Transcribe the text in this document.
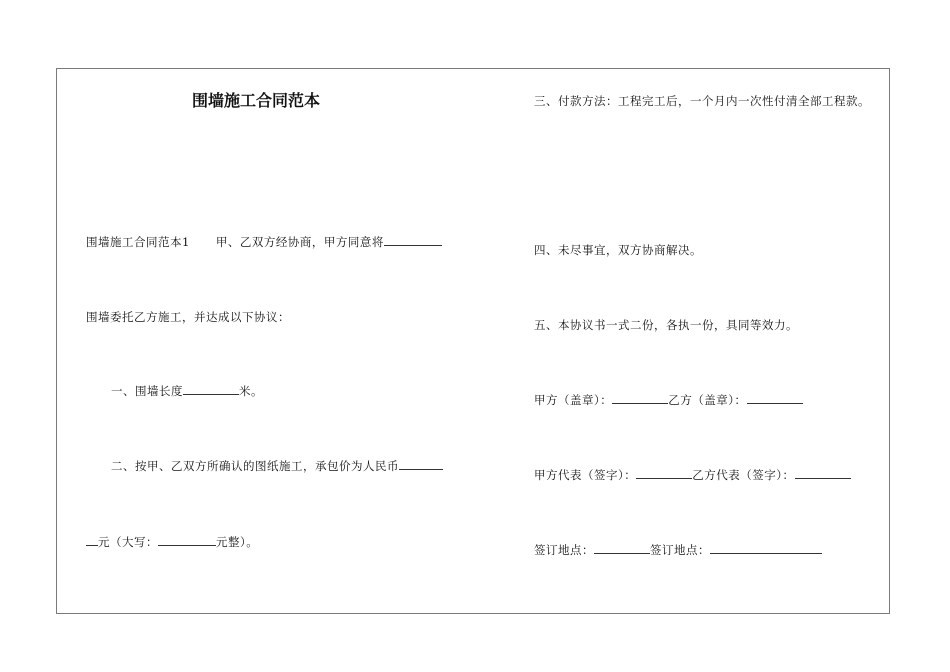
围墙施工合同范本
围墙施工合同范本1 甲、乙双方经协商，甲方同意将
围墙委托乙方施工，并达成以下协议：
一、围墙长度	米。
二、按甲、乙双方所确认的图纸施工，承包价为人民币
元（大写：	元整）。
三、付款方法：工程完工后，一个月内一次性付清全部工程款。
四、未尽事宜，双方协商解决。
五、本协议书一式二份，各执一份，具同等效力。
甲方（盖章）：	乙方（盖章）：
甲方代表（签字）：	乙方代表（签字）：
签订地点：	签订地点：
